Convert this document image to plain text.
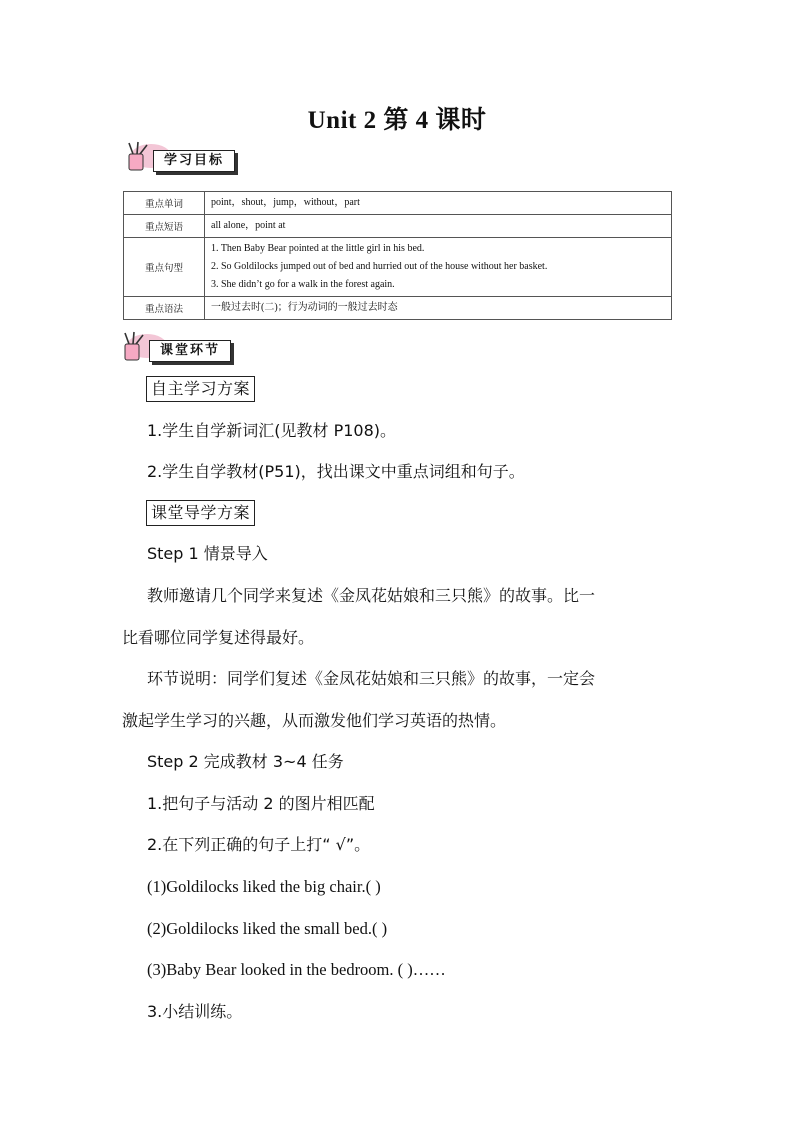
Unit 2 第 4 课时
学习目标
重点单词	point，shout，jump，without，part

重点短语	all alone，point at

重点句型	1. Then Baby Bear pointed at the little girl in his bed.
2. So Goldilocks jumped out of bed and hurried out of the house without her basket.
3. She didn’t go for a walk in the forest again.

重点语法	一般过去时(二)；行为动词的一般过去时态
课堂环节
自主学习方案
1.学生自学新词汇(见教材 P108)。
2.学生自学教材(P51)，找出课文中重点词组和句子。
课堂导学方案
Step 1 情景导入
教师邀请几个同学来复述《金凤花姑娘和三只熊》的故事。比一
比看哪位同学复述得最好。
环节说明：同学们复述《金凤花姑娘和三只熊》的故事，一定会
激起学生学习的兴趣，从而激发他们学习英语的热情。
Step 2 完成教材 3~4 任务
1.把句子与活动 2 的图片相匹配
2.在下列正确的句子上打“ √”。
(1)Goldilocks liked the big chair.( )
(2)Goldilocks liked the small bed.( )
(3)Baby Bear looked in the bedroom. ( )……
3.小结训练。
